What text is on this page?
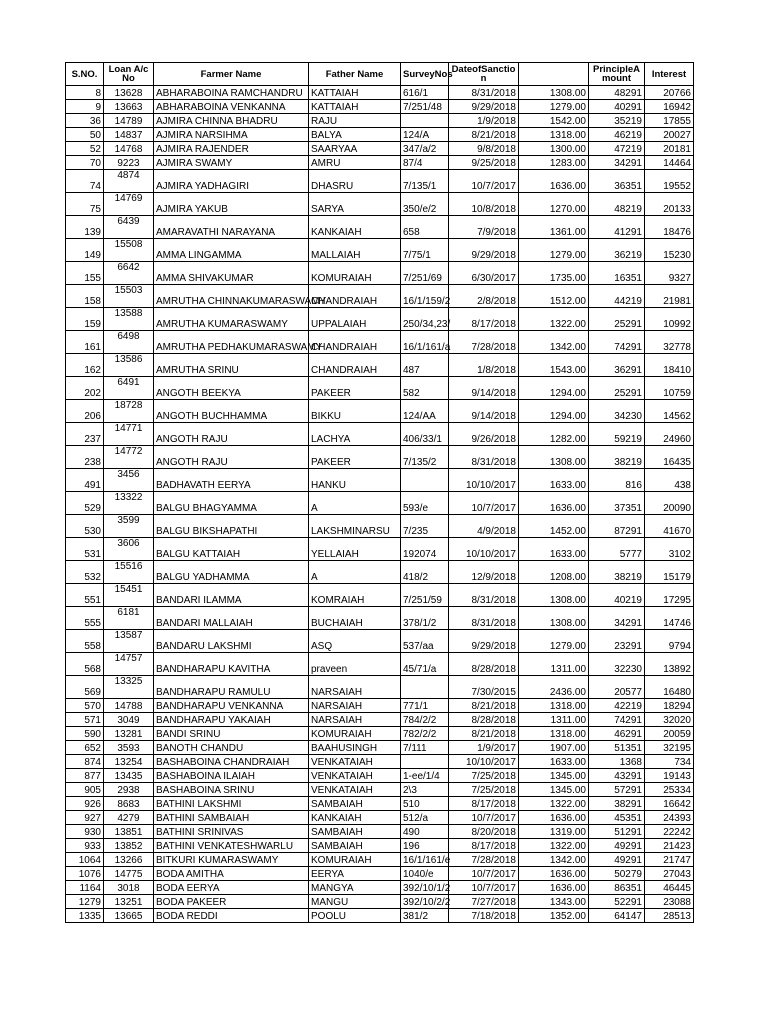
S.NO.	Loan A/c No	Farmer Name	Father Name	SurveyNos	DateofSanction		PrincipleAmount	Interest
8	13628	ABHARABOINA RAMCHANDRU	KATTAIAH	616/1	8/31/2018	1308.00	48291	20766
9	13663	ABHARABOINA VENKANNA	KATTAIAH	7/251/48	9/29/2018	1279.00	40291	16942
36	14789	AJMIRA CHINNA BHADRU	RAJU		1/9/2018	1542.00	35219	17855
50	14837	AJMIRA NARSIHMA	BALYA	124/A	8/21/2018	1318.00	46219	20027
52	14768	AJMIRA RAJENDER	SAARYAA	347/a/2	9/8/2018	1300.00	47219	20181
70	9223	AJMIRA SWAMY	AMRU	87/4	9/25/2018	1283.00	34291	14464
74	4874	AJMIRA YADHAGIRI	DHASRU	7/135/1	10/7/2017	1636.00	36351	19552
75	14769	AJMIRA YAKUB	SARYA	350/e/2	10/8/2018	1270.00	48219	20133
139	6439	AMARAVATHI NARAYANA	KANKAIAH	658	7/9/2018	1361.00	41291	18476
149	15508	AMMA LINGAMMA	MALLAIAH	7/75/1	9/29/2018	1279.00	36219	15230
155	6642	AMMA SHIVAKUMAR	KOMURAIAH	7/251/69	6/30/2017	1735.00	16351	9327
158	15503	AMRUTHA CHINNAKUMARASWAMY	CHANDRAIAH	16/1/159/2	2/8/2018	1512.00	44219	21981
159	13588	AMRUTHA KUMARASWAMY	UPPALAIAH	250/34,23/	8/17/2018	1322.00	25291	10992
161	6498	AMRUTHA PEDHAKUMARASWAMY	CHANDRAIAH	16/1/161/a	7/28/2018	1342.00	74291	32778
162	13586	AMRUTHA SRINU	CHANDRAIAH	487	1/8/2018	1543.00	36291	18410
202	6491	ANGOTH BEEKYA	PAKEER	582	9/14/2018	1294.00	25291	10759
206	18728	ANGOTH BUCHHAMMA	BIKKU	124/AA	9/14/2018	1294.00	34230	14562
237	14771	ANGOTH RAJU	LACHYA	406/33/1	9/26/2018	1282.00	59219	24960
238	14772	ANGOTH RAJU	PAKEER	7/135/2	8/31/2018	1308.00	38219	16435
491	3456	BADHAVATH EERYA	HANKU		10/10/2017	1633.00	816	438
529	13322	BALGU BHAGYAMMA	A	593/e	10/7/2017	1636.00	37351	20090
530	3599	BALGU BIKSHAPATHI	LAKSHMINARSU	7/235	4/9/2018	1452.00	87291	41670
531	3606	BALGU KATTAIAH	YELLAIAH	192074	10/10/2017	1633.00	5777	3102
532	15516	BALGU YADHAMMA	A	418/2	12/9/2018	1208.00	38219	15179
551	15451	BANDARI ILAMMA	KOMRAIAH	7/251/59	8/31/2018	1308.00	40219	17295
555	6181	BANDARI MALLAIAH	BUCHAIAH	378/1/2	8/31/2018	1308.00	34291	14746
558	13587	BANDARU LAKSHMI	ASQ	537/aa	9/29/2018	1279.00	23291	9794
568	14757	BANDHARAPU KAVITHA	praveen	45/71/a	8/28/2018	1311.00	32230	13892
569	13325	BANDHARAPU RAMULU	NARSAIAH		7/30/2015	2436.00	20577	16480
570	14788	BANDHARAPU VENKANNA	NARSAIAH	771/1	8/21/2018	1318.00	42219	18294
571	3049	BANDHARAPU YAKAIAH	NARSAIAH	784/2/2	8/28/2018	1311.00	74291	32020
590	13281	BANDI SRINU	KOMURAIAH	782/2/2	8/21/2018	1318.00	46291	20059
652	3593	BANOTH CHANDU	BAAHUSINGH	7/111	1/9/2017	1907.00	51351	32195
874	13254	BASHABOINA CHANDRAIAH	VENKATAIAH		10/10/2017	1633.00	1368	734
877	13435	BASHABOINA ILAIAH	VENKATAIAH	1-ee/1/4	7/25/2018	1345.00	43291	19143
905	2938	BASHABOINA SRINU	VENKATAIAH	2\3	7/25/2018	1345.00	57291	25334
926	8683	BATHINI LAKSHMI	SAMBAIAH	510	8/17/2018	1322.00	38291	16642
927	4279	BATHINI SAMBAIAH	KANKAIAH	512/a	10/7/2017	1636.00	45351	24393
930	13851	BATHINI SRINIVAS	SAMBAIAH	490	8/20/2018	1319.00	51291	22242
933	13852	BATHINI VENKATESHWARLU	SAMBAIAH	196	8/17/2018	1322.00	49291	21423
1064	13266	BITKURI KUMARASWAMY	KOMURAIAH	16/1/161/e	7/28/2018	1342.00	49291	21747
1076	14775	BODA AMITHA	EERYA	1040/e	10/7/2017	1636.00	50279	27043
1164	3018	BODA EERYA	MANGYA	392/10/1/2	10/7/2017	1636.00	86351	46445
1279	13251	BODA PAKEER	MANGU	392/10/2/2	7/27/2018	1343.00	52291	23088
1335	13665	BODA REDDI	POOLU	381/2	7/18/2018	1352.00	64147	28513
